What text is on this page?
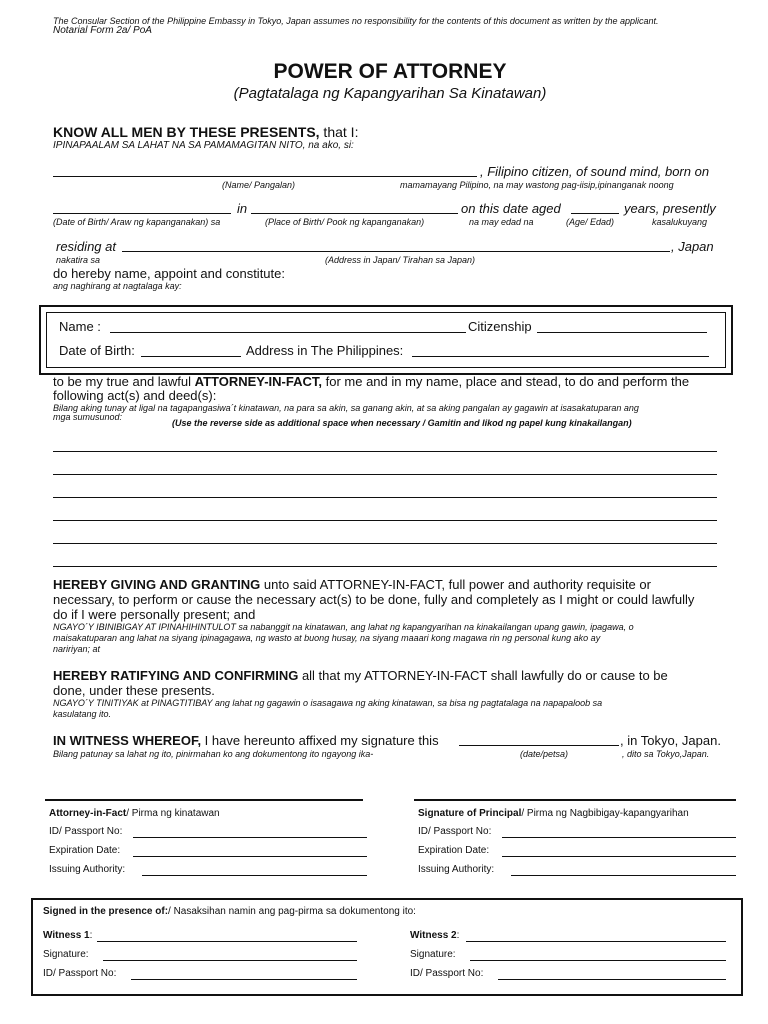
The Consular Section of the Philippine Embassy in Tokyo, Japan assumes no responsibility for the contents of this document as written by the applicant.
Notarial Form 2a/ PoA
POWER OF ATTORNEY
(Pagtatalaga ng Kapangyarihan Sa Kinatawan)
KNOW ALL MEN BY THESE PRESENTS, that I:
IPINAPAALAM SA LAHAT NA SA PAMAMAGITAN NITO, na ako, si:
, Filipino citizen, of sound mind, born on
(Name/ Pangalan)	mamamayang Pilipino, na may wastong pag-iisip,ipinanganak noong
in	on this date aged	years, presently
(Date of Birth/ Araw ng kapanganakan) sa	(Place of Birth/ Pook ng kapanganakan)	na may edad na	(Age/ Edad)	kasalukuyang
residing at	, Japan
nakatira sa	(Address in Japan/ Tirahan sa Japan)
do hereby name, appoint and constitute:
ang naghirang at nagtalaga kay:
Name :	Citizenship
Date of Birth:	Address in The Philippines:
to be my true and lawful ATTORNEY-IN-FACT, for me and in my name, place and stead, to do and perform the
following act(s) and deed(s):
Bilang aking tunay at ligal na tagapangasiwa´t kinatawan, na para sa akin, sa ganang akin, at sa aking pangalan ay gagawin at isasakatuparan ang
mga sumusunod:
(Use the reverse side as additional space when necessary / Gamitin and likod ng papel kung kinakailangan)
HEREBY GIVING AND GRANTING unto said ATTORNEY-IN-FACT, full power and authority requisite or
necessary, to perform or cause the necessary act(s) to be done, fully and completely as I might or could lawfully
do if I were personally present; and
NGAYO´Y IBINIBIGAY AT IPINAHIHINTULOT sa nabanggit na kinatawan, ang lahat ng kapangyarihan na kinakailangan upang gawin, ipagawa, o
maisakatuparan ang lahat na siyang ipinagagawa, ng wasto at buong husay, na siyang maaari kong magawa rin ng personal kung ako ay
naririyan; at
HEREBY RATIFYING AND CONFIRMING all that my ATTORNEY-IN-FACT shall lawfully do or cause to be
done, under these presents.
NGAYO´Y TINITIYAK at PINAGTITIBAY ang lahat ng gagawin o isasagawa ng aking kinatawan, sa bisa ng pagtatalaga na napapaloob sa
kasulatang ito.
IN WITNESS WHEREOF, I have hereunto affixed my signature this	, in Tokyo, Japan.
Bilang patunay sa lahat ng ito, pinirmahan ko ang dokumentong ito ngayong ika-	(date/petsa)	, dito sa Tokyo,Japan.
Attorney-in-Fact/ Pirma ng kinatawan	Signature of Principal/ Pirma ng Nagbibigay-kapangyarihan
ID/ Passport No:
Expiration Date:
Issuing Authority:
ID/ Passport No:
Expiration Date:
Issuing Authority:
Signed in the presence of:/ Nasaksihan namin ang pag-pirma sa dokumentong ito:
Witness 1:
Signature:
ID/ Passport No:
Witness 2:
Signature:
ID/ Passport No:
